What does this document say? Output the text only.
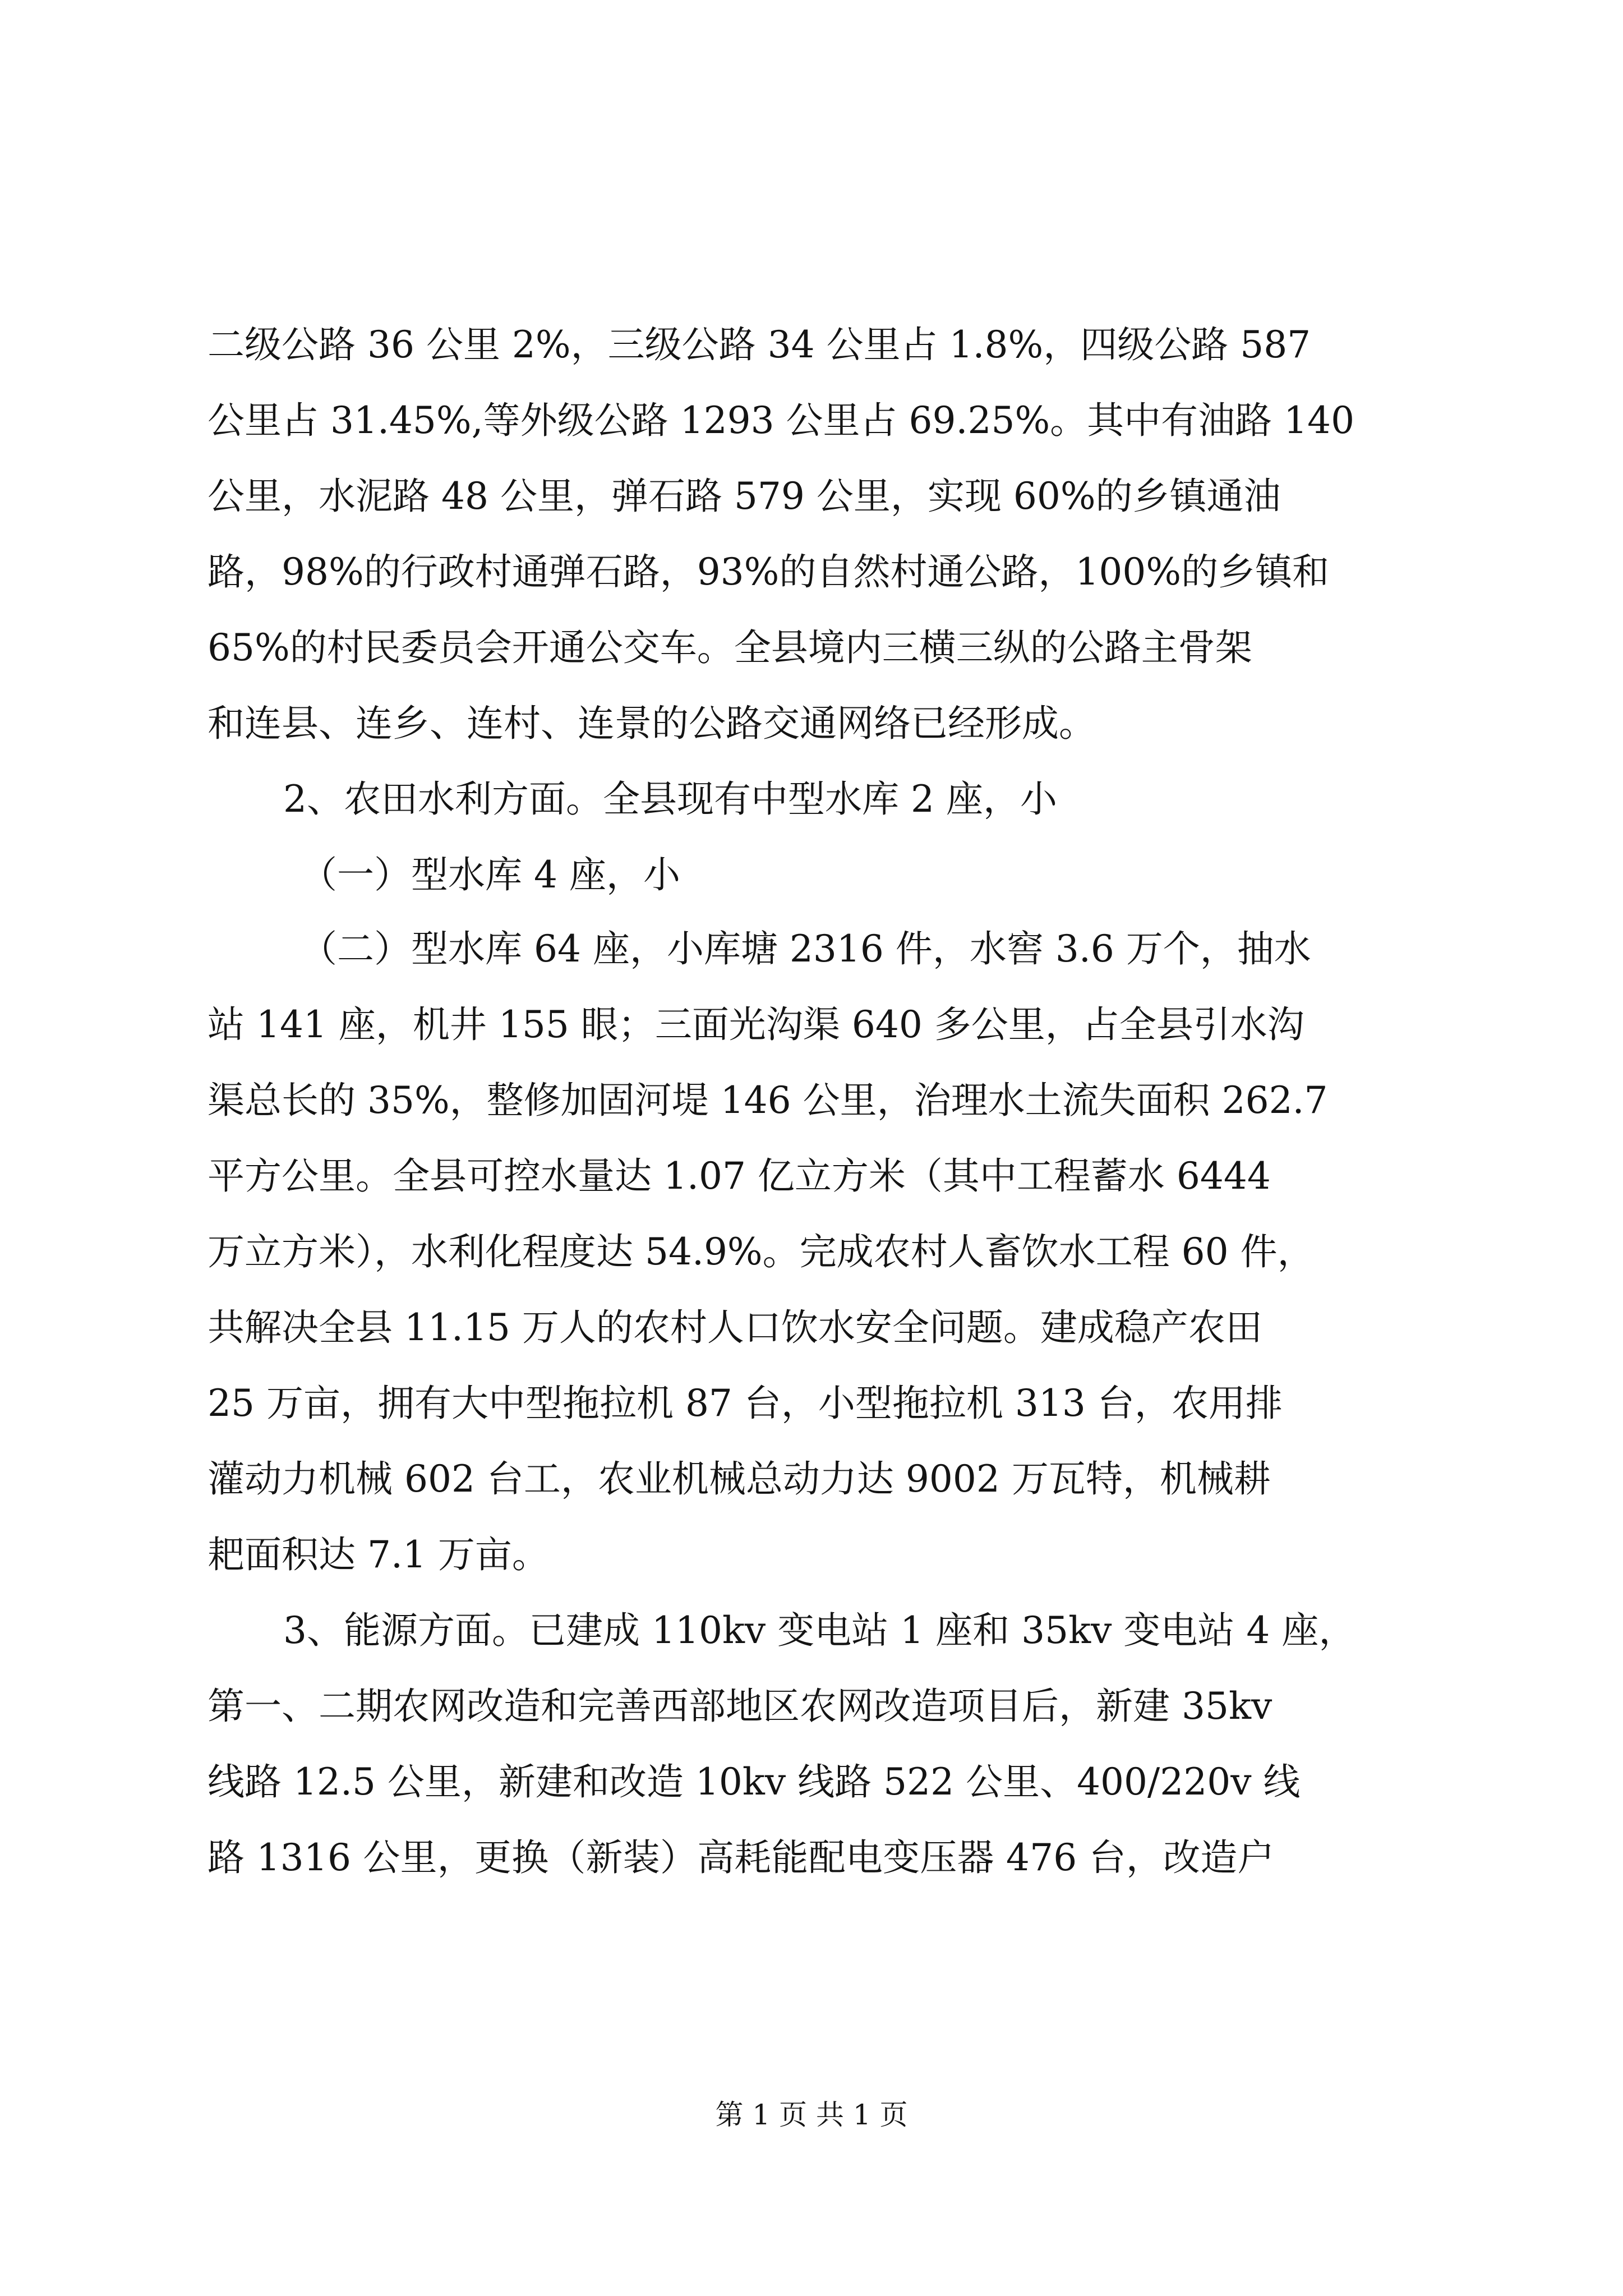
二级公路 36 公里 2%，三级公路 34 公里占 1.8%，四级公路 587
公里占 31.45%,等外级公路 1293 公里占 69.25%。其中有油路 140
公里，水泥路 48 公里，弹石路 579 公里，实现 60%的乡镇通油
路，98%的行政村通弹石路，93%的自然村通公路，100%的乡镇和
65%的村民委员会开通公交车。全县境内三横三纵的公路主骨架
和连县、连乡、连村、连景的公路交通网络已经形成。
2、农田水利方面。全县现有中型水库 2 座，小
（一）型水库 4 座，小
（二）型水库 64 座，小库塘 2316 件，水窖 3.6 万个，抽水
站 141 座，机井 155 眼；三面光沟渠 640 多公里，占全县引水沟
渠总长的 35%，整修加固河堤 146 公里，治理水土流失面积 262.7
平方公里。全县可控水量达 1.07 亿立方米（其中工程蓄水 6444
万立方米），水利化程度达 54.9%。完成农村人畜饮水工程 60 件，
共解决全县 11.15 万人的农村人口饮水安全问题。建成稳产农田
25 万亩，拥有大中型拖拉机 87 台，小型拖拉机 313 台，农用排
灌动力机械 602 台工，农业机械总动力达 9002 万瓦特，机械耕
耙面积达 7.1 万亩。
3、能源方面。已建成 110kv 变电站 1 座和 35kv 变电站 4 座，
第一、二期农网改造和完善西部地区农网改造项目后，新建 35kv
线路 12.5 公里，新建和改造 10kv 线路 522 公里、400/220v 线
路 1316 公里，更换（新装）高耗能配电变压器 476 台，改造户
第 1 页 共 1 页
